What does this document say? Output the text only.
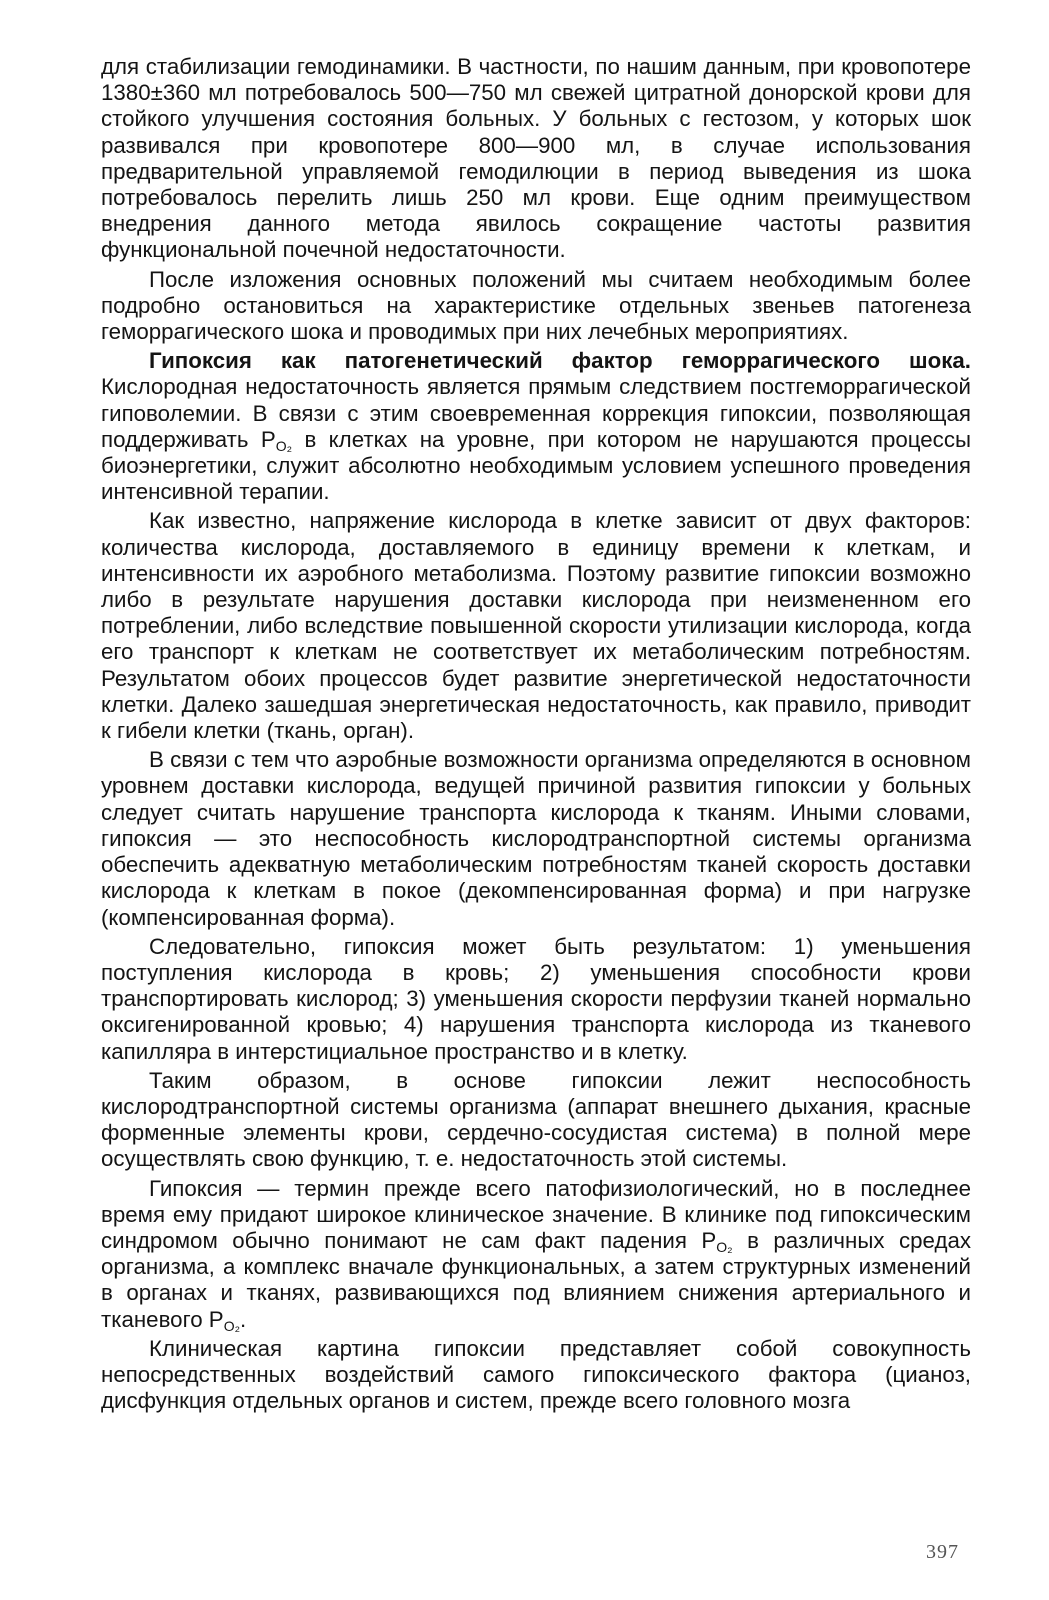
для стабилизации гемодинамики. В частности, по нашим данным, при кровопотере 1380±360 мл потребовалось 500—750 мл свежей цитратной донорской крови для стойкого улучшения состояния больных. У больных с гестозом, у которых шок развивался при кровопотере 800—900 мл, в случае использования предварительной управляемой гемодилюции в период выведения из шока потребовалось перелить лишь 250 мл крови. Еще одним преимуществом внедрения данного метода явилось сокращение частоты развития функциональной почечной недостаточности.

После изложения основных положений мы считаем необходимым более подробно остановиться на характеристике отдельных звеньев патогенеза геморрагического шока и проводимых при них лечебных мероприятиях.

Гипоксия как патогенетический фактор геморрагического шока. Кислородная недостаточность является прямым следствием постгеморрагической гиповолемии. В связи с этим своевременная коррекция гипоксии, позволяющая поддерживать $P_{O_2}$ в клетках на уровне, при котором не нарушаются процессы биоэнергетики, служит абсолютно необходимым условием успешного проведения интенсивной терапии.

Как известно, напряжение кислорода в клетке зависит от двух факторов: количества кислорода, доставляемого в единицу времени к клеткам, и интенсивности их аэробного метаболизма. Поэтому развитие гипоксии возможно либо в результате нарушения доставки кислорода при неизмененном его потреблении, либо вследствие повышенной скорости утилизации кислорода, когда его транспорт к клеткам не соответствует их метаболическим потребностям. Результатом обоих процессов будет развитие энергетической недостаточности клетки. Далеко зашедшая энергетическая недостаточность, как правило, приводит к гибели клетки (ткань, орган).

В связи с тем что аэробные возможности организма определяются в основном уровнем доставки кислорода, ведущей причиной развития гипоксии у больных следует считать нарушение транспорта кислорода к тканям. Иными словами, гипоксия — это неспособность кислородтранспортной системы организма обеспечить адекватную метаболическим потребностям тканей скорость доставки кислорода к клеткам в покое (декомпенсированная форма) и при нагрузке (компенсированная форма).

Следовательно, гипоксия может быть результатом: 1) уменьшения поступления кислорода в кровь; 2) уменьшения способности крови транспортировать кислород; 3) уменьшения скорости перфузии тканей нормально оксигенированной кровью; 4) нарушения транспорта кислорода из тканевого капилляра в интерстициальное пространство и в клетку.

Таким образом, в основе гипоксии лежит неспособность кислородтранспортной системы организма (аппарат внешнего дыхания, красные форменные элементы крови, сердечно-сосудистая система) в полной мере осуществлять свою функцию, т. е. недостаточность этой системы.

Гипоксия — термин прежде всего патофизиологический, но в последнее время ему придают широкое клиническое значение. В клинике под гипоксическим синдромом обычно понимают не сам факт падения $P_{O_2}$ в различных средах организма, а комплекс вначале функциональных, а затем структурных изменений в органах и тканях, развивающихся под влиянием снижения артериального и тканевого $P_{O_2}$.

Клиническая картина гипоксии представляет собой совокупность непосредственных воздействий самого гипоксического фактора (цианоз, дисфункция отдельных органов и систем, прежде всего головного мозга

397
